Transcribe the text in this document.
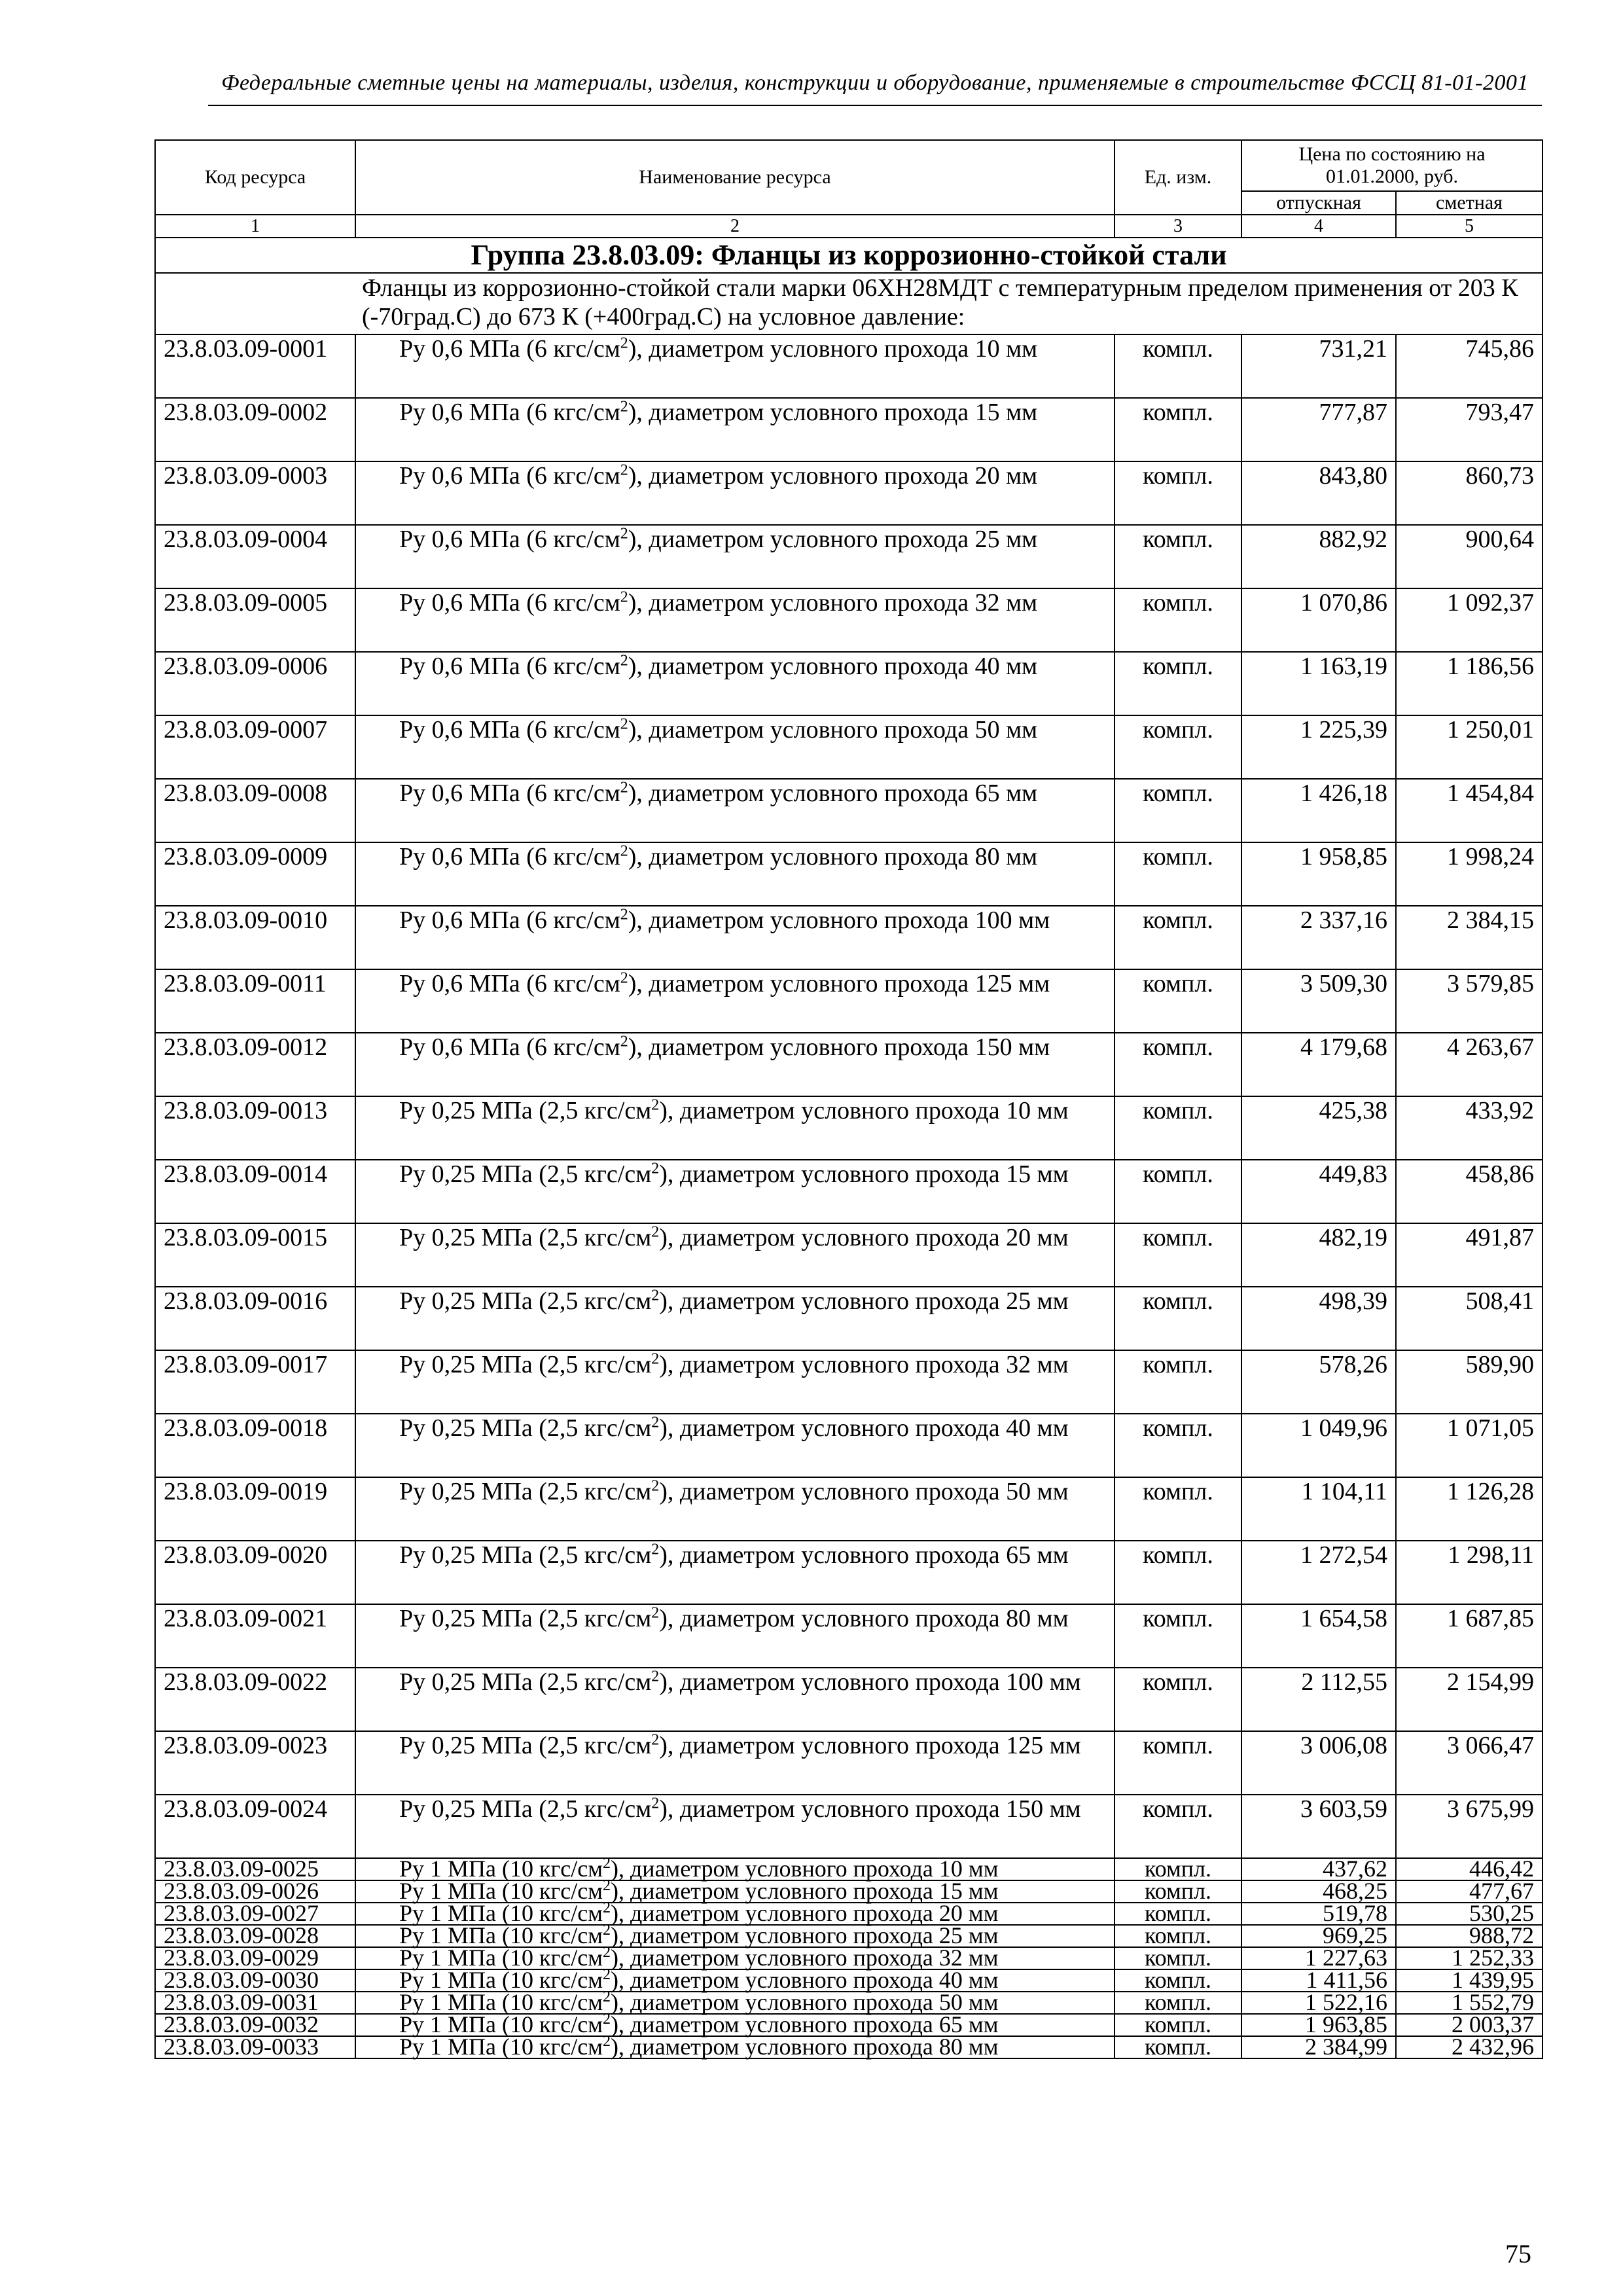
Федеральные сметные цены на материалы, изделия, конструкции и оборудование, применяемые в строительстве ФССЦ 81-01-2001
Код ресурса	Наименование ресурса	Ед. изм.	Цена по состоянию на 01.01.2000, руб.	
			отпускная	сметная
1	2	3	4	5
Группа 23.8.03.09: Фланцы из коррозионно-стойкой стали				
	Фланцы из коррозионно-стойкой стали марки 06ХН28МДТ с температурным пределом применения от 203 К (-70град.С) до 673 К (+400град.С) на условное давление:			
23.8.03.09-0001	Ру 0,6 МПа (6 кгс/$см^2$), диаметром условного прохода 10 мм	компл.	731,21	745,86
23.8.03.09-0002	Ру 0,6 МПа (6 кгс/$см^2$), диаметром условного прохода 15 мм	компл.	777,87	793,47
23.8.03.09-0003	Ру 0,6 МПа (6 кгс/$см^2$), диаметром условного прохода 20 мм	компл.	843,80	860,73
23.8.03.09-0004	Ру 0,6 МПа (6 кгс/$см^2$), диаметром условного прохода 25 мм	компл.	882,92	900,64
23.8.03.09-0005	Ру 0,6 МПа (6 кгс/$см^2$), диаметром условного прохода 32 мм	компл.	1 070,86	1 092,37
23.8.03.09-0006	Ру 0,6 МПа (6 кгс/$см^2$), диаметром условного прохода 40 мм	компл.	1 163,19	1 186,56
23.8.03.09-0007	Ру 0,6 МПа (6 кгс/$см^2$), диаметром условного прохода 50 мм	компл.	1 225,39	1 250,01
23.8.03.09-0008	Ру 0,6 МПа (6 кгс/$см^2$), диаметром условного прохода 65 мм	компл.	1 426,18	1 454,84
23.8.03.09-0009	Ру 0,6 МПа (6 кгс/$см^2$), диаметром условного прохода 80 мм	компл.	1 958,85	1 998,24
23.8.03.09-0010	Ру 0,6 МПа (6 кгс/$см^2$), диаметром условного прохода 100 мм	компл.	2 337,16	2 384,15
23.8.03.09-0011	Ру 0,6 МПа (6 кгс/$см^2$), диаметром условного прохода 125 мм	компл.	3 509,30	3 579,85
23.8.03.09-0012	Ру 0,6 МПа (6 кгс/$см^2$), диаметром условного прохода 150 мм	компл.	4 179,68	4 263,67
23.8.03.09-0013	Ру 0,25 МПа (2,5 кгс/$см^2$), диаметром условного прохода 10 мм	компл.	425,38	433,92
23.8.03.09-0014	Ру 0,25 МПа (2,5 кгс/$см^2$), диаметром условного прохода 15 мм	компл.	449,83	458,86
23.8.03.09-0015	Ру 0,25 МПа (2,5 кгс/$см^2$), диаметром условного прохода 20 мм	компл.	482,19	491,87
23.8.03.09-0016	Ру 0,25 МПа (2,5 кгс/$см^2$), диаметром условного прохода 25 мм	компл.	498,39	508,41
23.8.03.09-0017	Ру 0,25 МПа (2,5 кгс/$см^2$), диаметром условного прохода 32 мм	компл.	578,26	589,90
23.8.03.09-0018	Ру 0,25 МПа (2,5 кгс/$см^2$), диаметром условного прохода 40 мм	компл.	1 049,96	1 071,05
23.8.03.09-0019	Ру 0,25 МПа (2,5 кгс/$см^2$), диаметром условного прохода 50 мм	компл.	1 104,11	1 126,28
23.8.03.09-0020	Ру 0,25 МПа (2,5 кгс/$см^2$), диаметром условного прохода 65 мм	компл.	1 272,54	1 298,11
23.8.03.09-0021	Ру 0,25 МПа (2,5 кгс/$см^2$), диаметром условного прохода 80 мм	компл.	1 654,58	1 687,85
23.8.03.09-0022	Ру 0,25 МПа (2,5 кгс/$см^2$), диаметром условного прохода 100 мм	компл.	2 112,55	2 154,99
23.8.03.09-0023	Ру 0,25 МПа (2,5 кгс/$см^2$), диаметром условного прохода 125 мм	компл.	3 006,08	3 066,47
23.8.03.09-0024	Ру 0,25 МПа (2,5 кгс/$см^2$), диаметром условного прохода 150 мм	компл.	3 603,59	3 675,99
23.8.03.09-0025	Ру 1 МПа (10 кгс/$см^2$), диаметром условного прохода 10 мм	компл.	437,62	446,42
23.8.03.09-0026	Ру 1 МПа (10 кгс/$см^2$), диаметром условного прохода 15 мм	компл.	468,25	477,67
23.8.03.09-0027	Ру 1 МПа (10 кгс/$см^2$), диаметром условного прохода 20 мм	компл.	519,78	530,25
23.8.03.09-0028	Ру 1 МПа (10 кгс/$см^2$), диаметром условного прохода 25 мм	компл.	969,25	988,72
23.8.03.09-0029	Ру 1 МПа (10 кгс/$см^2$), диаметром условного прохода 32 мм	компл.	1 227,63	1 252,33
23.8.03.09-0030	Ру 1 МПа (10 кгс/$см^2$), диаметром условного прохода 40 мм	компл.	1 411,56	1 439,95
23.8.03.09-0031	Ру 1 МПа (10 кгс/$см^2$), диаметром условного прохода 50 мм	компл.	1 522,16	1 552,79
23.8.03.09-0032	Ру 1 МПа (10 кгс/$см^2$), диаметром условного прохода 65 мм	компл.	1 963,85	2 003,37
23.8.03.09-0033	Ру 1 МПа (10 кгс/$см^2$), диаметром условного прохода 80 мм	компл.	2 384,99	2 432,96
75
